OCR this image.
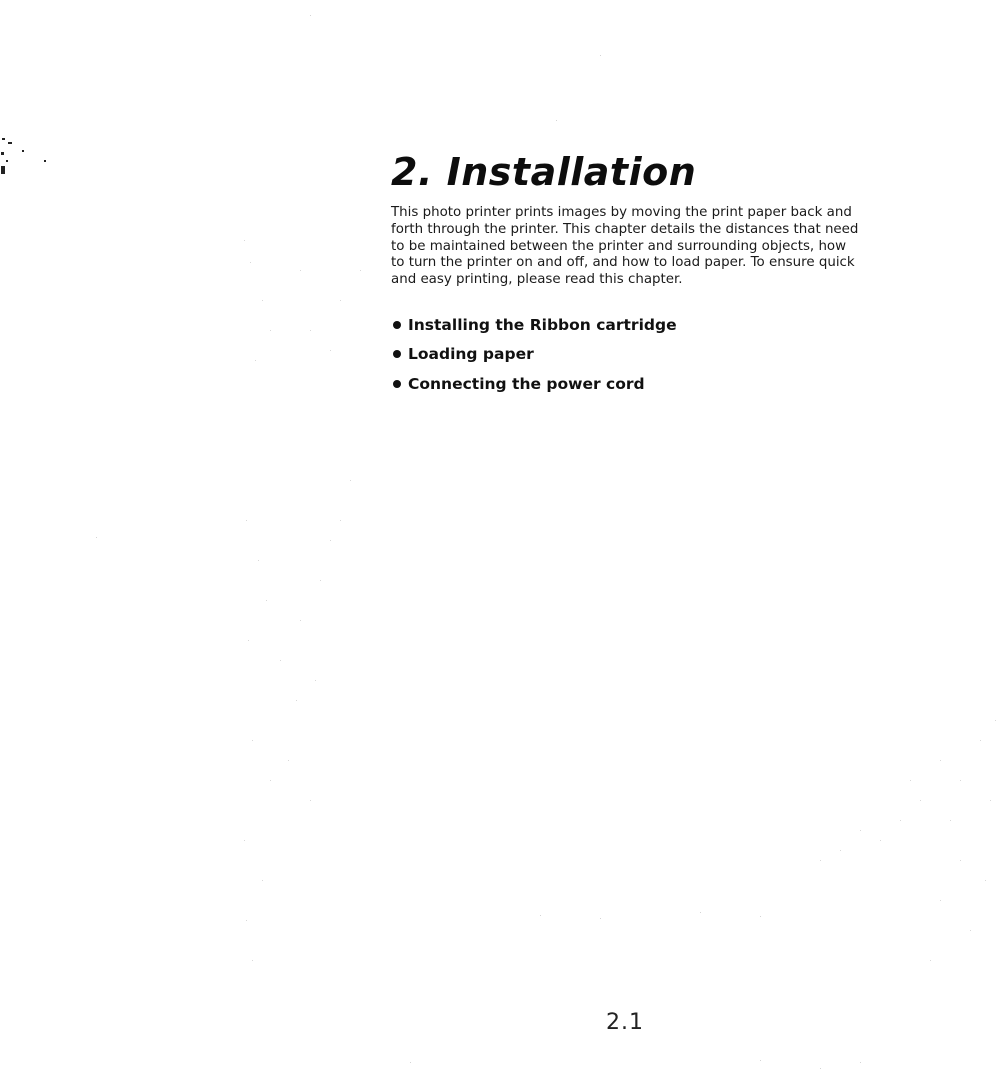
2. Installation

This photo printer prints images by moving the print paper back and forth through the printer. This chapter details the distances that need to be maintained between the printer and surrounding objects, how to turn the printer on and off, and how to load paper. To ensure quick and easy printing, please read this chapter.

Installing the Ribbon cartridge
Loading paper
Connecting the power cord
2.1
